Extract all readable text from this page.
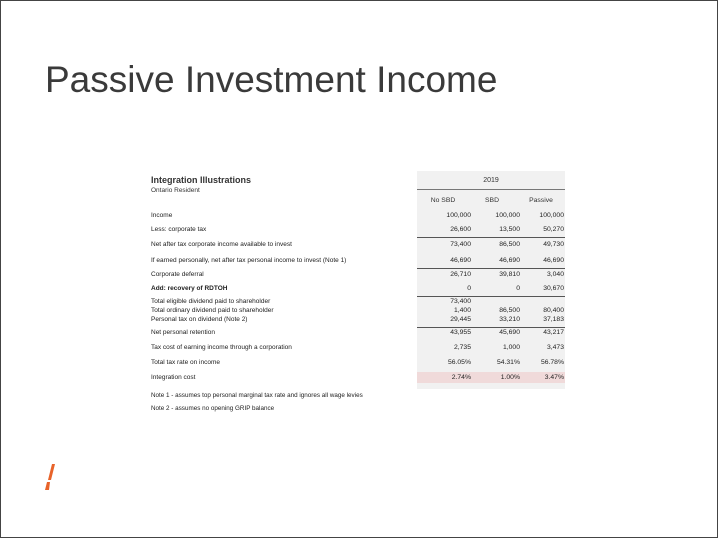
Passive Investment Income
Integration Illustrations
Ontario Resident
2019
No SBD	SBD	Passive
Income	100,000	100,000	100,000
Less: corporate tax	26,600	13,500	50,270
Net after tax corporate income available to invest	73,400	86,500	49,730
If earned personally, net after tax personal income to invest (Note 1)	46,690	46,690	46,690
Corporate deferral	26,710	39,810	3,040
Add: recovery of RDTOH	0	0	30,670
Total eligible dividend paid to shareholder	73,400
Total ordinary dividend paid to shareholder	1,400	86,500	80,400
Personal tax on dividend (Note 2)	29,445	33,210	37,183
Net personal retention	43,955	45,690	43,217
Tax cost of earning income through a corporation	2,735	1,000	3,473
Total tax rate on income	56.05%	54.31%	56.78%
Integration cost	2.74%	1.00%	3.47%
Note 1 - assumes top personal marginal tax rate and ignores all wage levies
Note 2 - assumes no opening GRIP balance
